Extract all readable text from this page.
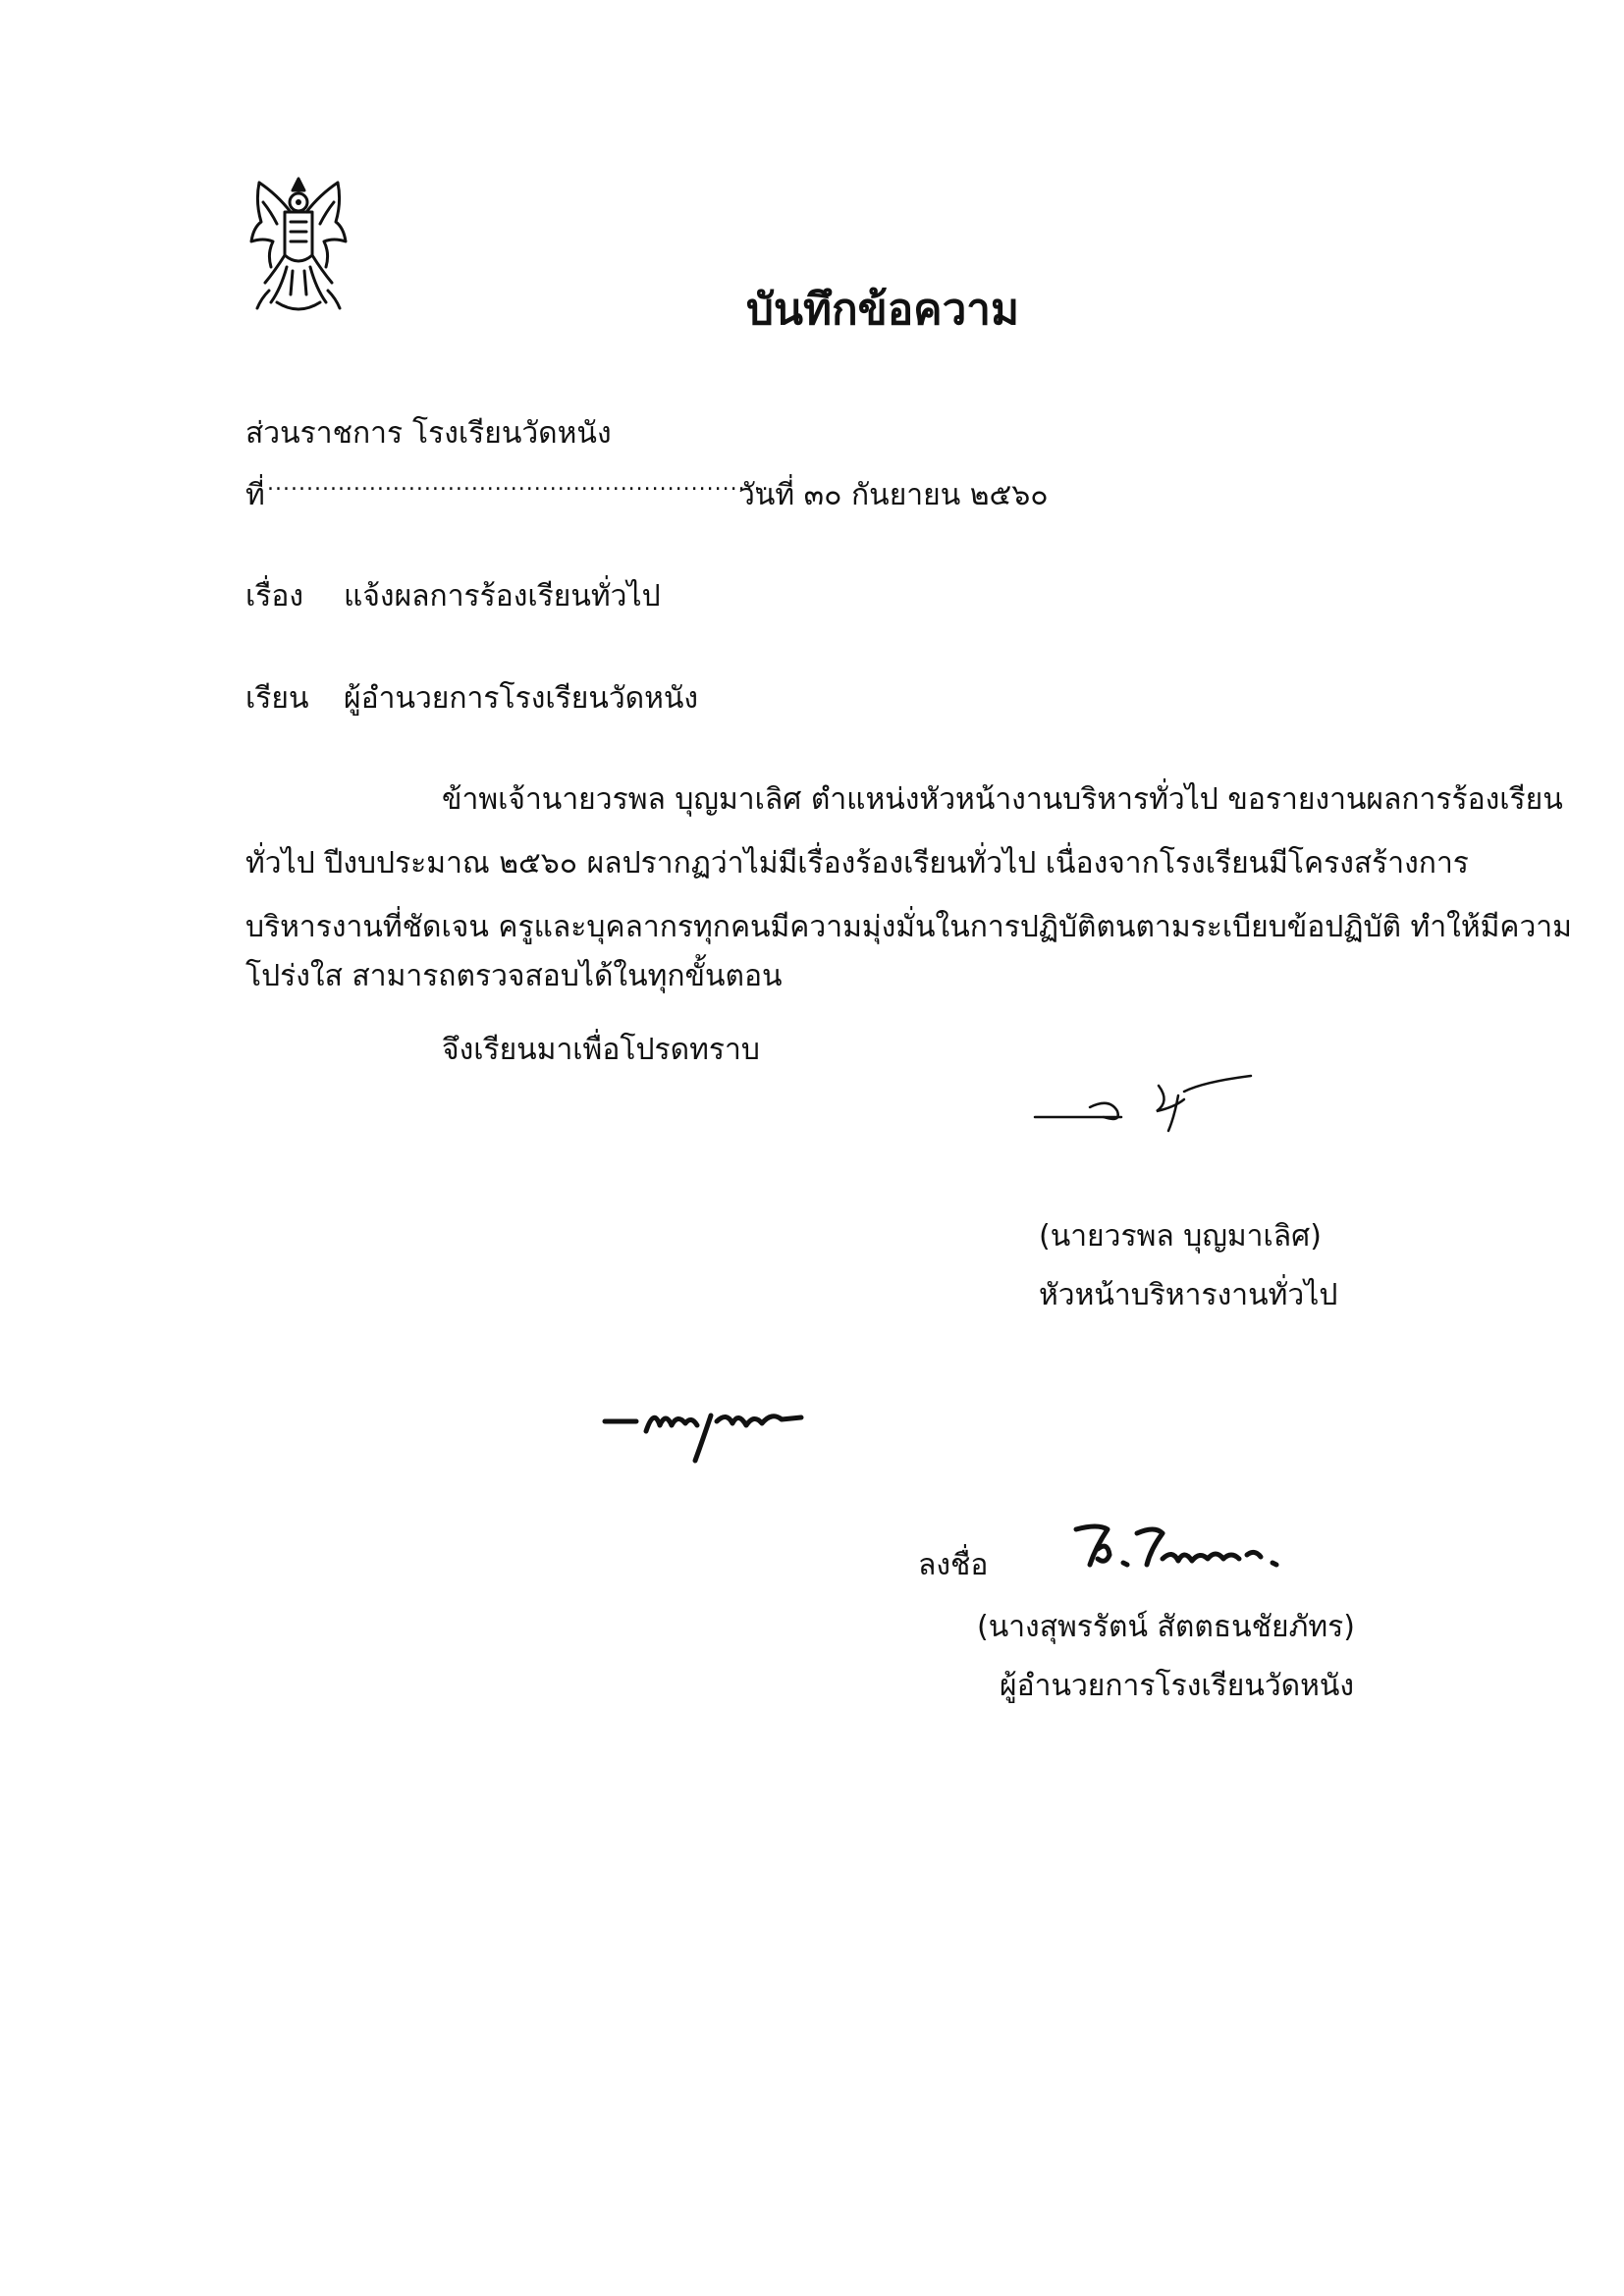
บันทึกข้อความ
ส่วนราชการ โรงเรียนวัดหนัง
ที่ ................................................................
วันที่ ๓๐ กันยายน ๒๕๖๐
เรื่อง แจ้งผลการร้องเรียนทั่วไป
เรียน ผู้อำนวยการโรงเรียนวัดหนัง
ข้าพเจ้านายวรพล บุญมาเลิศ ตำแหน่งหัวหน้างานบริหารทั่วไป ขอรายงานผลการร้องเรียน
ทั่วไป ปีงบประมาณ ๒๕๖๐ ผลปรากฏว่าไม่มีเรื่องร้องเรียนทั่วไป เนื่องจากโรงเรียนมีโครงสร้างการ
บริหารงานที่ชัดเจน ครูและบุคลากรทุกคนมีความมุ่งมั่นในการปฏิบัติตนตามระเบียบข้อปฏิบัติ ทำให้มีความ
โปร่งใส สามารถตรวจสอบได้ในทุกขั้นตอน
จึงเรียนมาเพื่อโปรดทราบ
(นายวรพล บุญมาเลิศ)
หัวหน้าบริหารงานทั่วไป
ลงชื่อ
(นางสุพรรัตน์ สัตตธนชัยภัทร)
ผู้อำนวยการโรงเรียนวัดหนัง
